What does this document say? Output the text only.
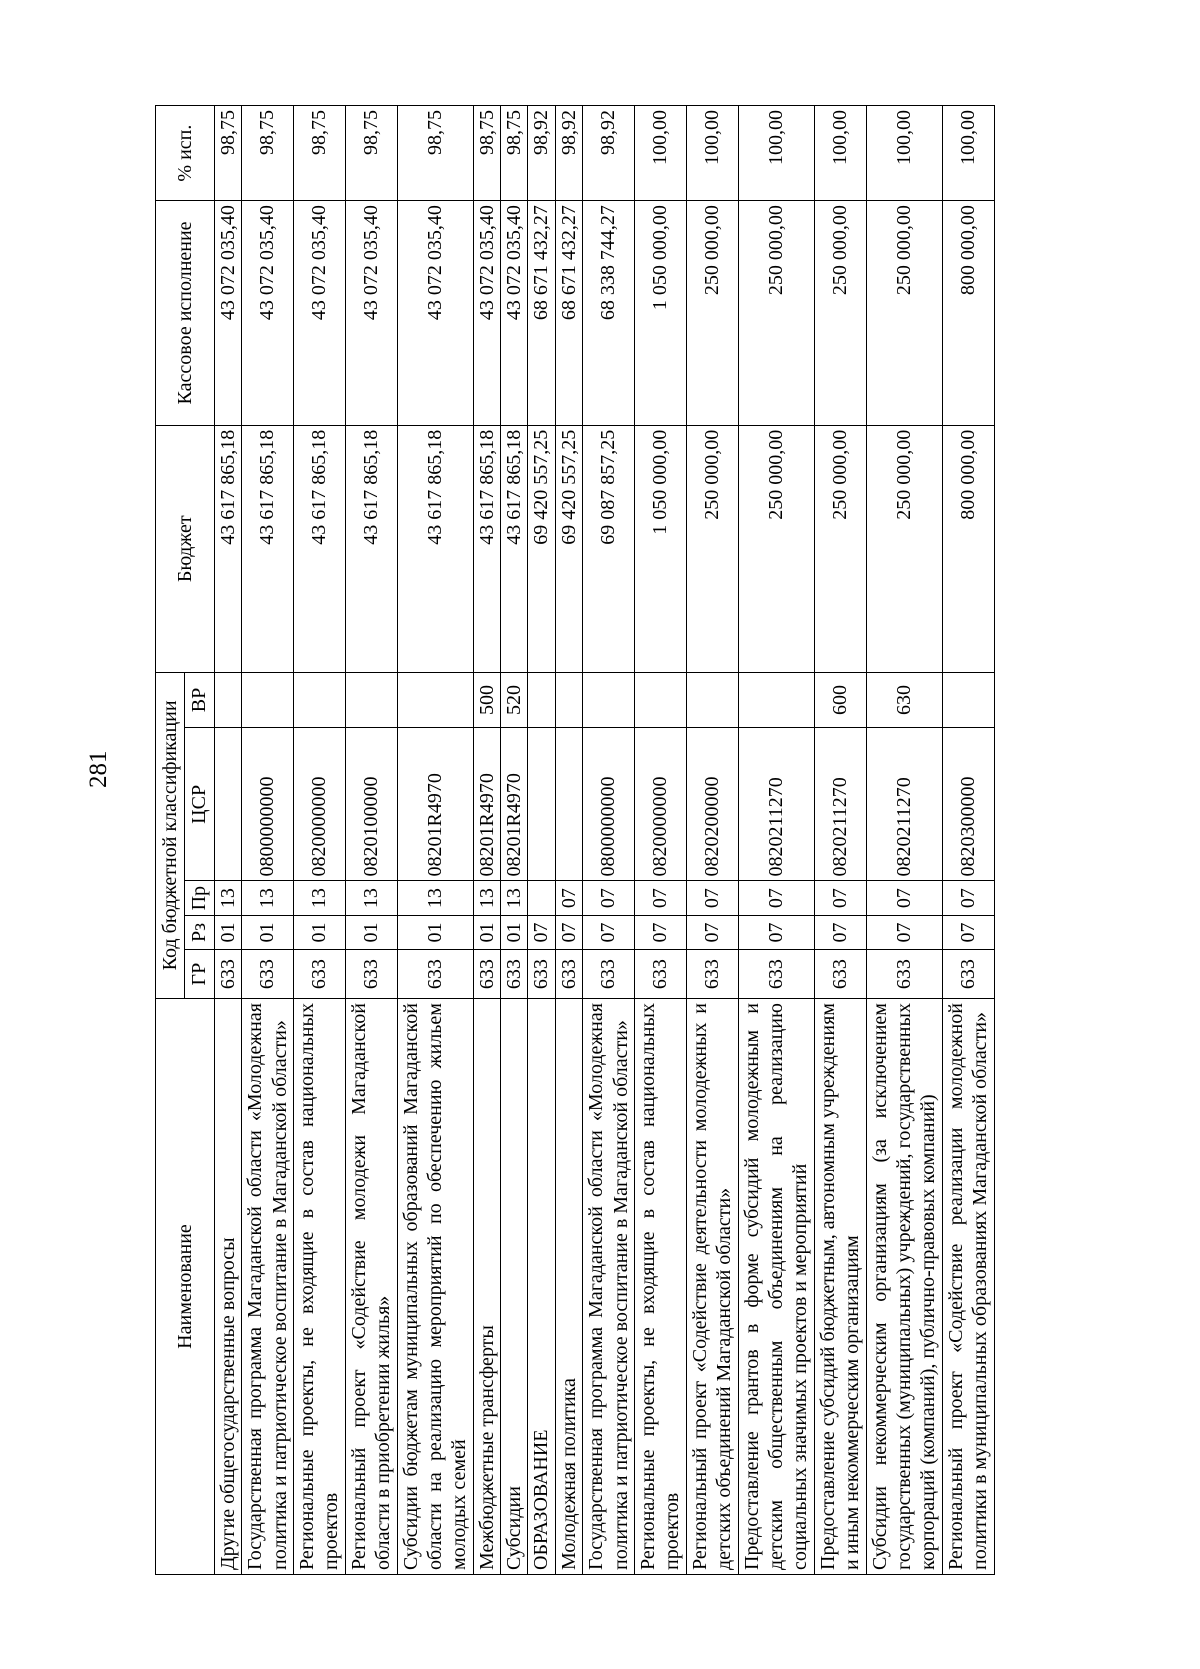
281
Наименование	Код бюджетной классификации					Бюджет	Кассовое исполнение	% исп.
	ГР	Рз	Пр	ЦСР	ВР			
Другие общегосударственные вопросы	633	01	13			43 617 865,18	43 072 035,40	98,75
Государственная программа Магаданской области «Молодежная политика и патриотическое воспитание в Магаданской области»	633	01	13	0800000000		43 617 865,18	43 072 035,40	98,75
Региональные проекты, не входящие в состав национальных проектов	633	01	13	0820000000		43 617 865,18	43 072 035,40	98,75
Региональный проект «Содействие молодежи Магаданской области в приобретении жилья»	633	01	13	0820100000		43 617 865,18	43 072 035,40	98,75
Субсидии бюджетам муниципальных образований Магаданской области на реализацию мероприятий по обеспечению жильем молодых семей	633	01	13	08201R4970		43 617 865,18	43 072 035,40	98,75
Межбюджетные трансферты	633	01	13	08201R4970	500	43 617 865,18	43 072 035,40	98,75
Субсидии	633	01	13	08201R4970	520	43 617 865,18	43 072 035,40	98,75
ОБРАЗОВАНИЕ	633	07				69 420 557,25	68 671 432,27	98,92
Молодежная политика	633	07	07			69 420 557,25	68 671 432,27	98,92
Государственная программа Магаданской области «Молодежная политика и патриотическое воспитание в Магаданской области»	633	07	07	0800000000		69 087 857,25	68 338 744,27	98,92
Региональные проекты, не входящие в состав национальных проектов	633	07	07	0820000000		1 050 000,00	1 050 000,00	100,00
Региональный проект «Содействие деятельности молодежных и детских объединений Магаданской области»	633	07	07	0820200000		250 000,00	250 000,00	100,00
Предоставление грантов в форме субсидий молодежным и детским общественным объединениям на реализацию социальных значимых проектов и мероприятий	633	07	07	0820211270		250 000,00	250 000,00	100,00
Предоставление субсидий бюджетным, автономным учреждениям и иным некоммерческим организациям	633	07	07	0820211270	600	250 000,00	250 000,00	100,00
Субсидии некоммерческим организациям (за исключением государственных (муниципальных) учреждений, государственных корпораций (компаний), публично-правовых компаний)	633	07	07	0820211270	630	250 000,00	250 000,00	100,00
Региональный проект «Содействие реализации молодежной политики в муниципальных образованиях Магаданской области»	633	07	07	0820300000		800 000,00	800 000,00	100,00
